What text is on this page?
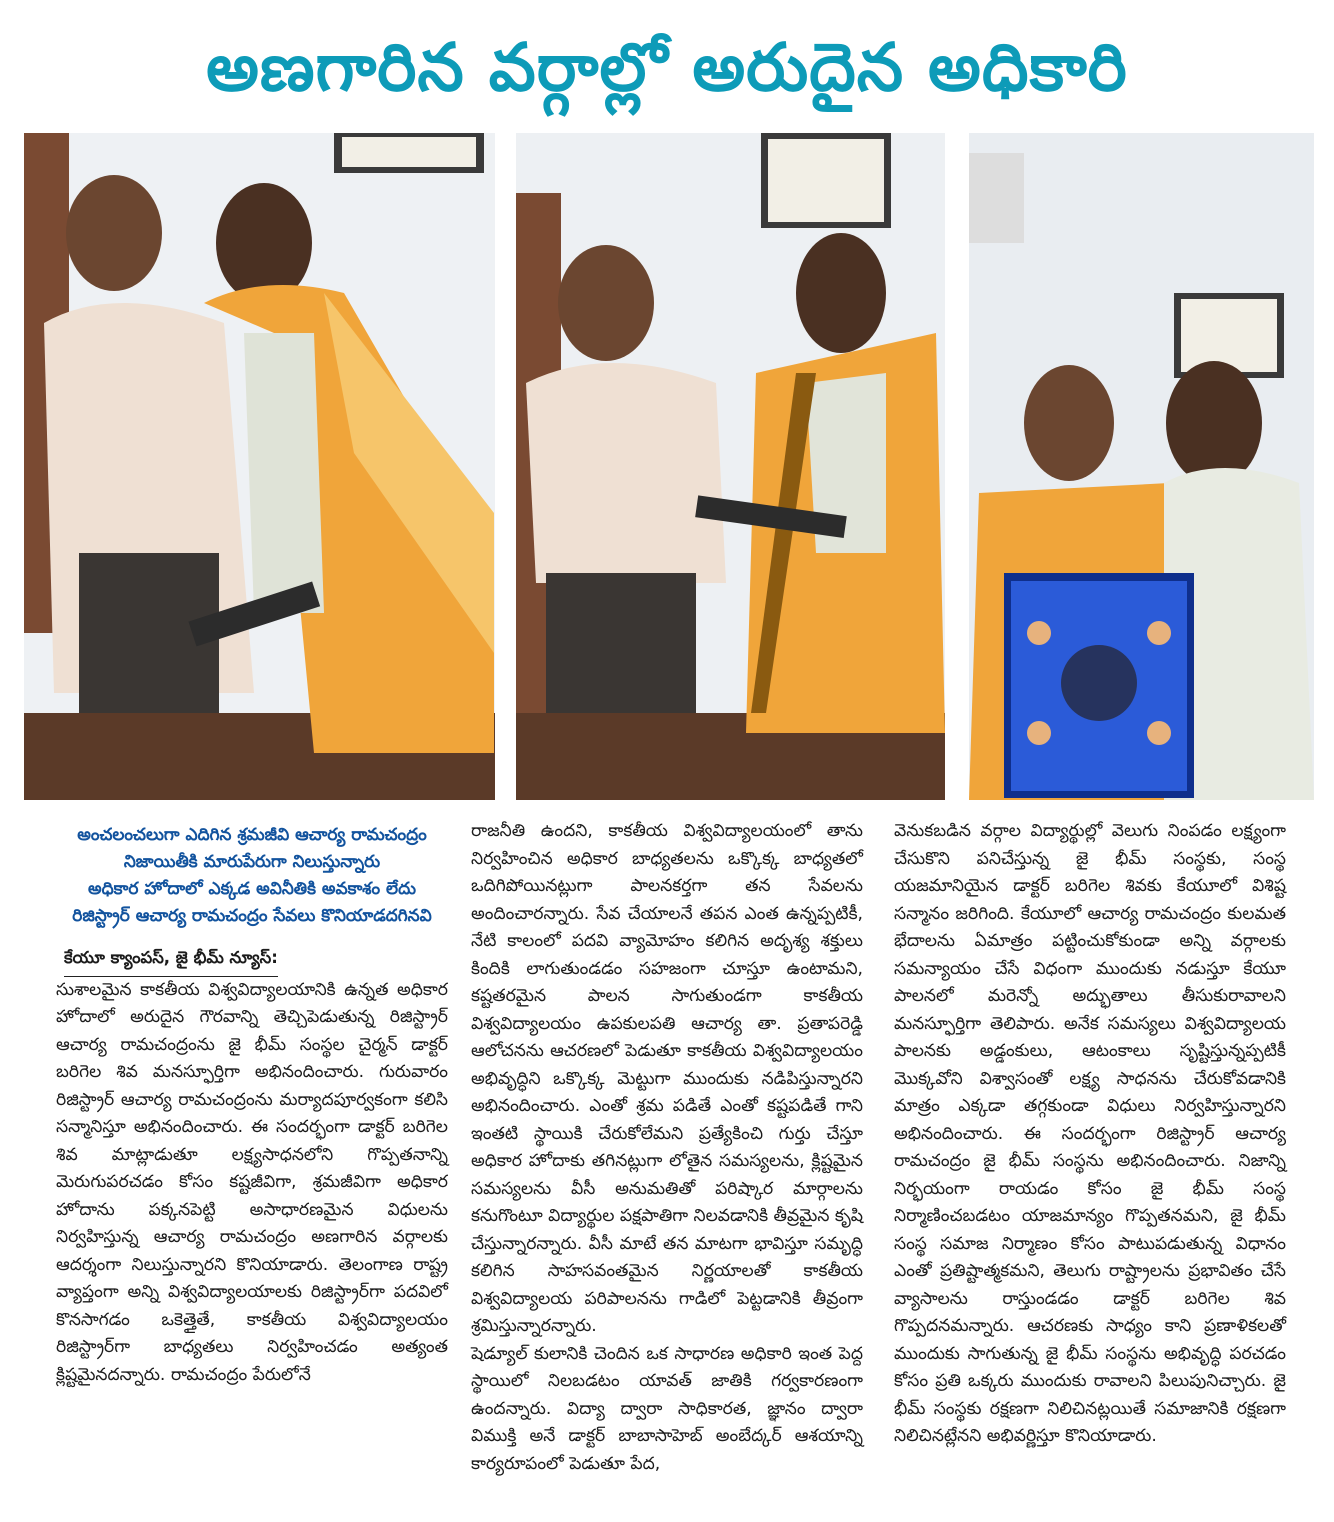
అణగారిన వర్గాల్లో అరుదైన అధికారి
అంచలంచలుగా ఎదిగిన శ్రమజీవి ఆచార్య రామచంద్రం
నిజాయితీకి మారుపేరుగా నిలుస్తున్నారు
అధికార హోదాలో ఎక్కడ అవినీతికి అవకాశం లేదు
రిజిస్ట్రార్ ఆచార్య రామచంద్రం సేవలు కొనియాడదగినవి
కేయూ క్యాంపస్, జై భీమ్ న్యూస్:

సుశాలమైన కాకతీయ విశ్వవిద్యాలయానికి ఉన్నత అధికార హోదాలో అరుదైన గౌరవాన్ని తెచ్చిపెడుతున్న రిజిస్ట్రార్ ఆచార్య రామచంద్రంను జై భీమ్ సంస్థల చైర్మన్ డాక్టర్ బరిగెల శివ మనస్ఫూర్తిగా అభినందించారు. గురువారం రిజిస్ట్రార్ ఆచార్య రామచంద్రంను మర్యాదపూర్వకంగా కలిసి సన్మానిస్తూ అభినందించారు. ఈ సందర్భంగా డాక్టర్ బరిగెల శివ మాట్లాడుతూ లక్ష్యసాధనలోని గొప్పతనాన్ని మెరుగుపరచడం కోసం కష్టజీవిగా, శ్రమజీవిగా అధికార హోదాను పక్కనపెట్టి అసాధారణమైన విధులను నిర్వహిస్తున్న ఆచార్య రామచంద్రం అణగారిన వర్గాలకు ఆదర్శంగా నిలుస్తున్నారని కొనియాడారు. తెలంగాణ రాష్ట్ర వ్యాప్తంగా అన్ని విశ్వవిద్యాలయాలకు రిజిస్ట్రార్‌గా పదవిలో కొనసాగడం ఒకెత్తైతే, కాకతీయ విశ్వవిద్యాలయం రిజిస్ట్రార్‌గా బాధ్యతలు నిర్వహించడం అత్యంత క్లిష్టమైనదన్నారు. రామచంద్రం పేరులోనే

రాజనీతి ఉందని, కాకతీయ విశ్వవిద్యాలయంలో తాను నిర్వహించిన అధికార బాధ్యతలను ఒక్కొక్క బాధ్యతలో ఒదిగిపోయినట్లుగా పాలనకర్తగా తన సేవలను అందించారన్నారు. సేవ చేయాలనే తపన ఎంత ఉన్నప్పటికీ, నేటి కాలంలో పదవి వ్యామోహం కలిగిన అదృశ్య శక్తులు కిందికి లాగుతుండడం సహజంగా చూస్తూ ఉంటామని, కష్టతరమైన పాలన సాగుతుండగా కాకతీయ విశ్వవిద్యాలయం ఉపకులపతి ఆచార్య తా. ప్రతాపరెడ్డి ఆలోచనను ఆచరణలో పెడుతూ కాకతీయ విశ్వవిద్యాలయం అభివృద్ధిని ఒక్కొక్క మెట్టుగా ముందుకు నడిపిస్తున్నారని అభినందించారు. ఎంతో శ్రమ పడితే ఎంతో కష్టపడితే గాని ఇంతటి స్థాయికి చేరుకోలేమని ప్రత్యేకించి గుర్తు చేస్తూ అధికార హోదాకు తగినట్లుగా లోతైన సమస్యలను, క్లిష్టమైన సమస్యలను వీసీ అనుమతితో పరిష్కార మార్గాలను కనుగొంటూ విద్యార్థుల పక్షపాతిగా నిలవడానికి తీవ్రమైన కృషి చేస్తున్నారన్నారు. వీసీ మాటే తన మాటగా భావిస్తూ సమృద్ధి కలిగిన సాహసవంతమైన నిర్ణయాలతో కాకతీయ విశ్వవిద్యాలయ పరిపాలనను గాడిలో పెట్టడానికి తీవ్రంగా శ్రమిస్తున్నారన్నారు.

షెడ్యూల్ కులానికి చెందిన ఒక సాధారణ అధికారి ఇంత పెద్ద స్థాయిలో నిలబడటం యావత్ జాతికి గర్వకారణంగా ఉందన్నారు. విద్యా ద్వారా సాధికారత, జ్ఞానం ద్వారా విముక్తి అనే డాక్టర్ బాబాసాహెబ్ అంబేద్కర్ ఆశయాన్ని కార్యరూపంలో పెడుతూ పేద,

వెనుకబడిన వర్గాల విద్యార్థుల్లో వెలుగు నింపడం లక్ష్యంగా చేసుకొని పనిచేస్తున్న జై భీమ్ సంస్థకు, సంస్థ యజమానియైన డాక్టర్ బరిగెల శివకు కేయూలో విశిష్ట సన్మానం జరిగింది. కేయూలో ఆచార్య రామచంద్రం కులమత భేదాలను ఏమాత్రం పట్టించుకోకుండా అన్ని వర్గాలకు సమన్యాయం చేసే విధంగా ముందుకు నడుస్తూ కేయూ పాలనలో మరెన్నో అద్భుతాలు తీసుకురావాలని మనస్ఫూర్తిగా తెలిపారు. అనేక సమస్యలు విశ్వవిద్యాలయ పాలనకు అడ్డంకులు, ఆటంకాలు సృష్టిస్తున్నప్పటికీ మొక్కవోని విశ్వాసంతో లక్ష్య సాధనను చేరుకోవడానికి మాత్రం ఎక్కడా తగ్గకుండా విధులు నిర్వహిస్తున్నారని అభినందించారు. ఈ సందర్భంగా రిజిస్ట్రార్ ఆచార్య రామచంద్రం జై భీమ్ సంస్థను అభినందించారు. నిజాన్ని నిర్భయంగా రాయడం కోసం జై భీమ్ సంస్థ నిర్మాణించబడటం యాజమాన్యం గొప్పతనమని, జై భీమ్ సంస్థ సమాజ నిర్మాణం కోసం పాటుపడుతున్న విధానం ఎంతో ప్రతిష్టాత్మకమని, తెలుగు రాష్ట్రాలను ప్రభావితం చేసే వ్యాసాలను రాస్తుండడం డాక్టర్ బరిగెల శివ గొప్పదనమన్నారు. ఆచరణకు సాధ్యం కాని ప్రణాళికలతో ముందుకు సాగుతున్న జై భీమ్ సంస్థను అభివృద్ధి పరచడం కోసం ప్రతి ఒక్కరు ముందుకు రావాలని పిలుపునిచ్చారు. జై భీమ్ సంస్థకు రక్షణగా నిలిచినట్లయితే సమాజానికి రక్షణగా నిలిచినట్లేనని అభివర్ణిస్తూ కొనియాడారు.
